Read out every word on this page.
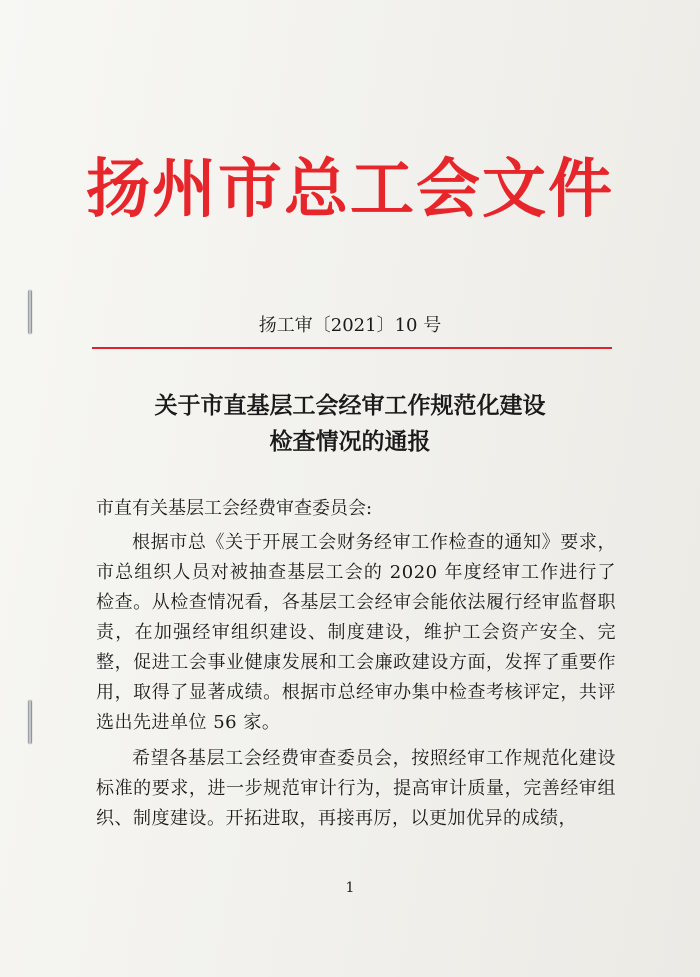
扬州市总工会文件
扬工审〔2021〕10 号
关于市直基层工会经审工作规范化建设
检查情况的通报

市直有关基层工会经费审查委员会:

根据市总《关于开展工会财务经审工作检查的通知》要求，市总组织人员对被抽查基层工会的 2020 年度经审工作进行了检查。从检查情况看，各基层工会经审会能依法履行经审监督职责，在加强经审组织建设、制度建设，维护工会资产安全、完整，促进工会事业健康发展和工会廉政建设方面，发挥了重要作用，取得了显著成绩。根据市总经审办集中检查考核评定，共评选出先进单位 56 家。

希望各基层工会经费审查委员会，按照经审工作规范化建设标准的要求，进一步规范审计行为，提高审计质量，完善经审组织、制度建设。开拓进取，再接再厉，以更加优异的成绩，

1
